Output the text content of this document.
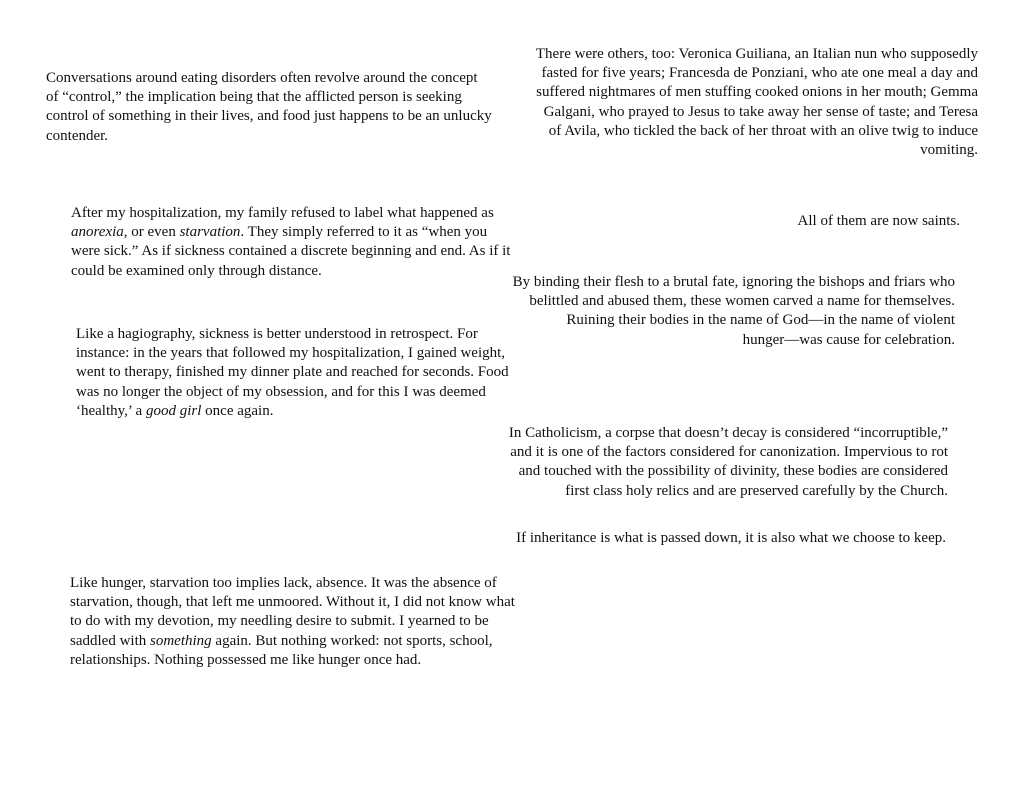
Conversations around eating disorders often revolve around the concept

of “control,” the implication being that the afflicted person is seeking

control of something in their lives, and food just happens to be an unlucky

contender.

There were others, too: Veronica Guiliana, an Italian nun who supposedly

fasted for five years; Francesda de Ponziani, who ate one meal a day and

suffered nightmares of men stuffing cooked onions in her mouth; Gemma

Galgani, who prayed to Jesus to take away her sense of taste; and Teresa

of Avila, who tickled the back of her throat with an olive twig to induce

vomiting.

After my hospitalization, my family refused to label what happened as

anorexia, or even starvation. They simply referred to it as “when you

were sick.” As if sickness contained a discrete beginning and end. As if it

could be examined only through distance.

All of them are now saints.

By binding their flesh to a brutal fate, ignoring the bishops and friars who

belittled and abused them, these women carved a name for themselves.

Ruining their bodies in the name of God—in the name of violent

hunger—was cause for celebration.

Like a hagiography, sickness is better understood in retrospect. For

instance: in the years that followed my hospitalization, I gained weight,

went to therapy, finished my dinner plate and reached for seconds. Food

was no longer the object of my obsession, and for this I was deemed

‘healthy,’ a good girl once again.

In Catholicism, a corpse that doesn’t decay is considered “incorruptible,”

and it is one of the factors considered for canonization. Impervious to rot

and touched with the possibility of divinity, these bodies are considered

first class holy relics and are preserved carefully by the Church.

If inheritance is what is passed down, it is also what we choose to keep.

Like hunger, starvation too implies lack, absence. It was the absence of

starvation, though, that left me unmoored. Without it, I did not know what

to do with my devotion, my needling desire to submit. I yearned to be

saddled with something again. But nothing worked: not sports, school,

relationships. Nothing possessed me like hunger once had.
